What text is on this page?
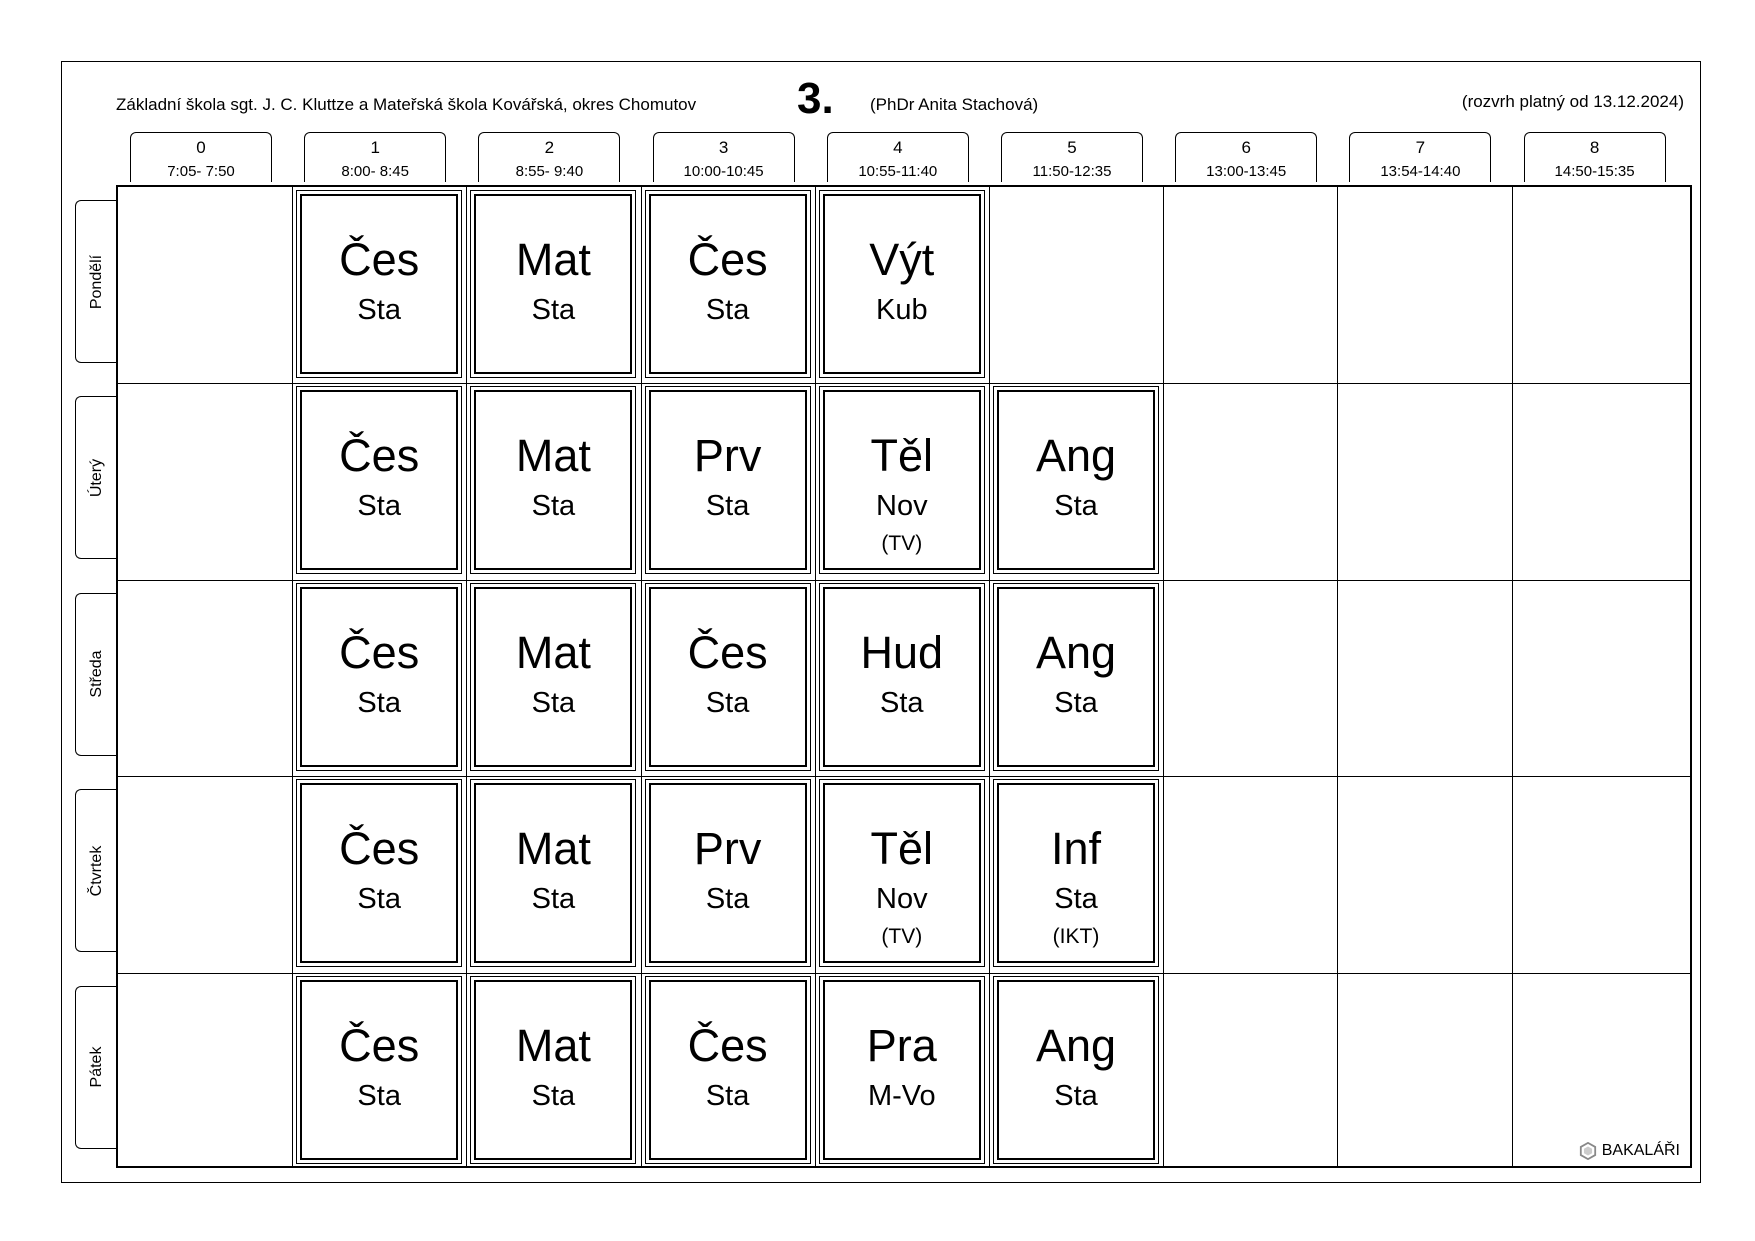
Základní škola sgt. J. C. Kluttze a Mateřská škola Kovářská, okres Chomutov 3. (PhDr Anita Stachová)	(rozvrh platný od 13.12.2024)
0
7:05- 7:50
1
8:00- 8:45
2
8:55- 9:40
3
10:00-10:45
4
10:55-11:40
5
11:50-12:35
6
13:00-13:45
7
13:54-14:40
8
14:50-15:35
Pondělí
Úterý
Středa
Čtvrtek
Pátek
BAKALÁŘI
Čes
Sta
Mat
Sta
Čes
Sta
Výt
Kub
Čes
Sta
Mat
Sta
Prv
Sta
Těl
Nov
(TV)
Ang
Sta
Čes
Sta
Mat
Sta
Čes
Sta
Hud
Sta
Ang
Sta
Čes
Sta
Mat
Sta
Prv
Sta
Těl
Nov
(TV)
Inf
Sta
(IKT)
Čes
Sta
Mat
Sta
Čes
Sta
Pra
M-Vo
Ang
Sta
